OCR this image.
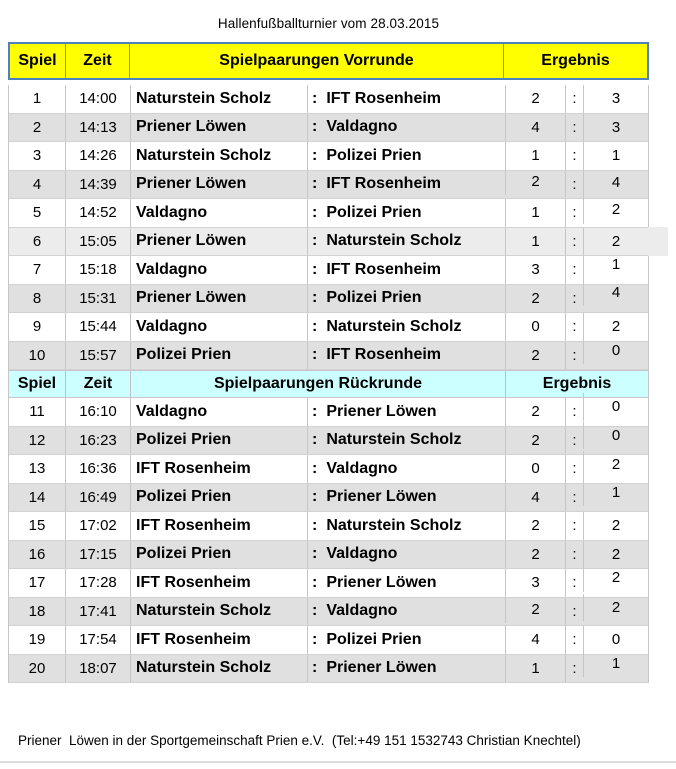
Hallenfußballturnier vom 28.03.2015
Spiel	Zeit	Spielpaarungen Vorrunde	Ergebnis
1	14:00	Naturstein Scholz	: IFT Rosenheim	2	:	3
2	14:13	Priener Löwen	: Valdagno	4	:	3
3	14:26	Naturstein Scholz	: Polizei Prien	1	:	1
4	14:39	Priener Löwen	: IFT Rosenheim	2	:	4
5	14:52	Valdagno	: Polizei Prien	1	:	2
6	15:05	Priener Löwen	: Naturstein Scholz	1	:	2
7	15:18	Valdagno	: IFT Rosenheim	3	:	1
8	15:31	Priener Löwen	: Polizei Prien	2	:	4
9	15:44	Valdagno	: Naturstein Scholz	0	:	2
10	15:57	Polizei Prien	: IFT Rosenheim	2	:	0
Spiel	Zeit	Spielpaarungen Rückrunde	Ergebnis
11	16:10	Valdagno	: Priener Löwen	2	:	0
12	16:23	Polizei Prien	: Naturstein Scholz	2	:	0
13	16:36	IFT Rosenheim	: Valdagno	0	:	2
14	16:49	Polizei Prien	: Priener Löwen	4	:	1
15	17:02	IFT Rosenheim	: Naturstein Scholz	2	:	2
16	17:15	Polizei Prien	: Valdagno	2	:	2
17	17:28	IFT Rosenheim	: Priener Löwen	3	:	2
18	17:41	Naturstein Scholz	: Valdagno	2	:	2
19	17:54	IFT Rosenheim	: Polizei Prien	4	:	0
20	18:07	Naturstein Scholz	: Priener Löwen	1	:	1
Priener  Löwen in der Sportgemeinschaft Prien e.V.  (Tel:+49 151 1532743 Christian Knechtel)
